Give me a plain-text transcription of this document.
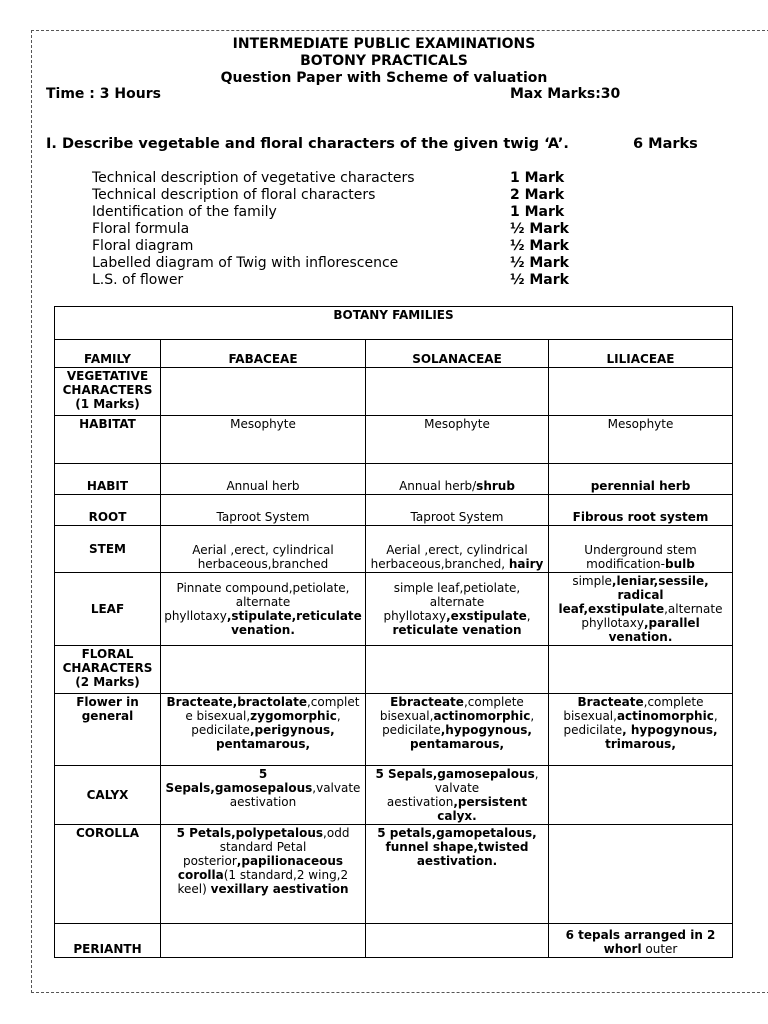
INTERMEDIATE PUBLIC EXAMINATIONS
BOTONY PRACTICALS
Question Paper with Scheme of valuation
Time : 3 Hours	Max Marks:30
I. Describe vegetable and floral characters of the given twig ‘A’.	6 Marks
Technical description of vegetative characters	1 Mark
Technical description of floral characters	2 Mark
Identification of the family	1 Mark
Floral formula	½ Mark
Floral diagram	½ Mark
Labelled diagram of Twig with inflorescence	½ Mark
L.S. of flower	½ Mark
BOTANY FAMILIES			
FAMILY	FABACEAE	SOLANACEAE	LILIACEAE
VEGETATIVE CHARACTERS (1 Marks)			
HABITAT	Mesophyte	Mesophyte	Mesophyte
HABIT	Annual herb	Annual herb/shrub	perennial herb
ROOT	Taproot System	Taproot System	Fibrous root system
STEM	Aerial ,erect, cylindrical herbaceous,branched	Aerial ,erect, cylindrical herbaceous,branched, hairy	Underground stem modification-bulb
LEAF	Pinnate compound,petiolate, alternate phyllotaxy,stipulate,reticulate venation.	simple leaf,petiolate, alternate phyllotaxy,exstipulate, reticulate venation	simple,leniar,sessile, radical leaf,exstipulate,alternate phyllotaxy,parallel venation.
FLORAL CHARACTERS (2 Marks)			
Flower in general	Bracteate,bractolate,complete bisexual,zygomorphic, pedicilate,perigynous, pentamarous,	Ebracteate,complete bisexual,actinomorphic, pedicilate,hypogynous, pentamarous,	Bracteate,complete bisexual,actinomorphic, pedicilate, hypogynous, trimarous,
CALYX	5 Sepals,gamosepalous,valvate aestivation	5 Sepals,gamosepalous, valvate aestivation,persistent calyx.	
COROLLA	5 Petals,polypetalous,odd standard Petal posterior,papilionaceous corolla(1 standard,2 wing,2 keel) vexillary aestivation	5 petals,gamopetalous, funnel shape,twisted aestivation.	
PERIANTH			6 tepals arranged in 2 whorl outer
